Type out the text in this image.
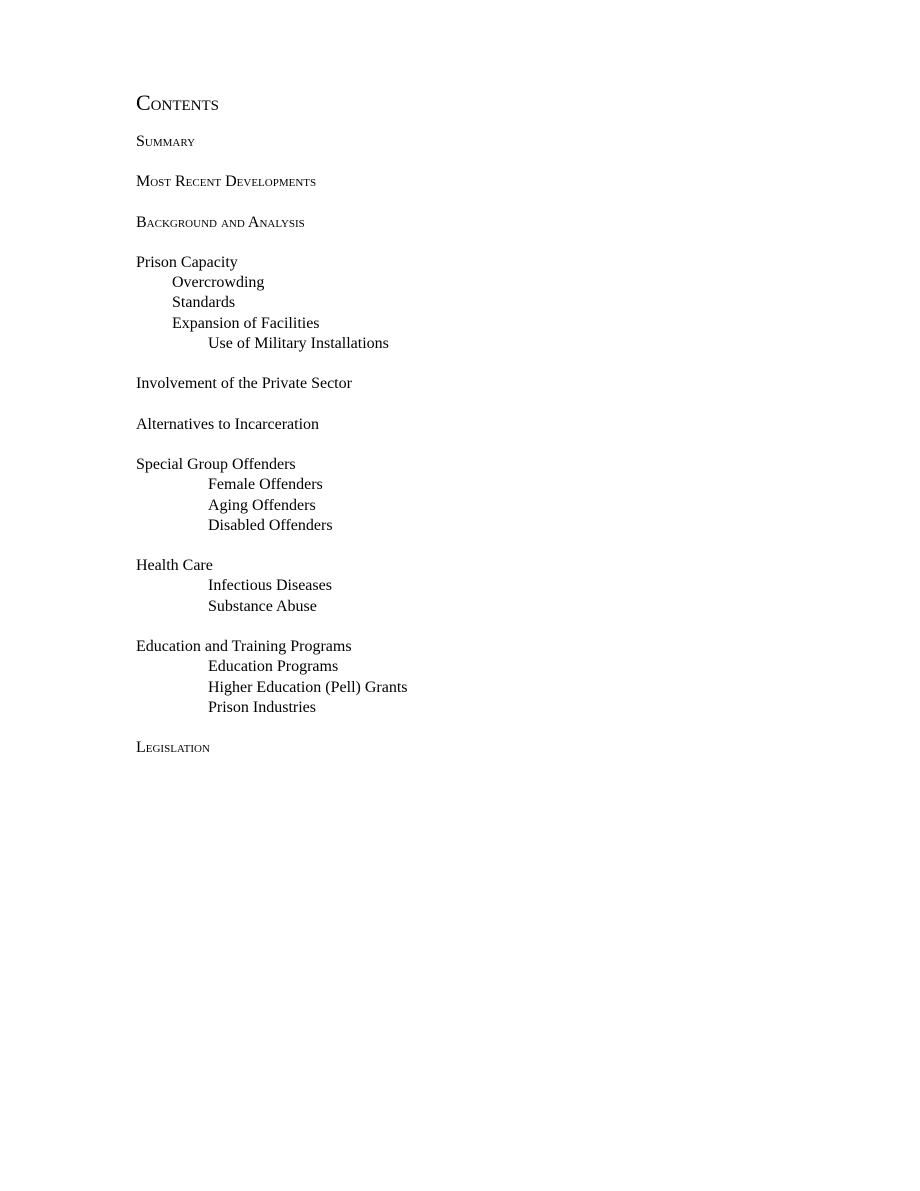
Contents
Summary
Most Recent Developments
Background and Analysis
Prison Capacity
Overcrowding
Standards
Expansion of Facilities
Use of Military Installations
Involvement of the Private Sector
Alternatives to Incarceration
Special Group Offenders
Female Offenders
Aging Offenders
Disabled Offenders
Health Care
Infectious Diseases
Substance Abuse
Education and Training Programs
Education Programs
Higher Education (Pell) Grants
Prison Industries
Legislation
